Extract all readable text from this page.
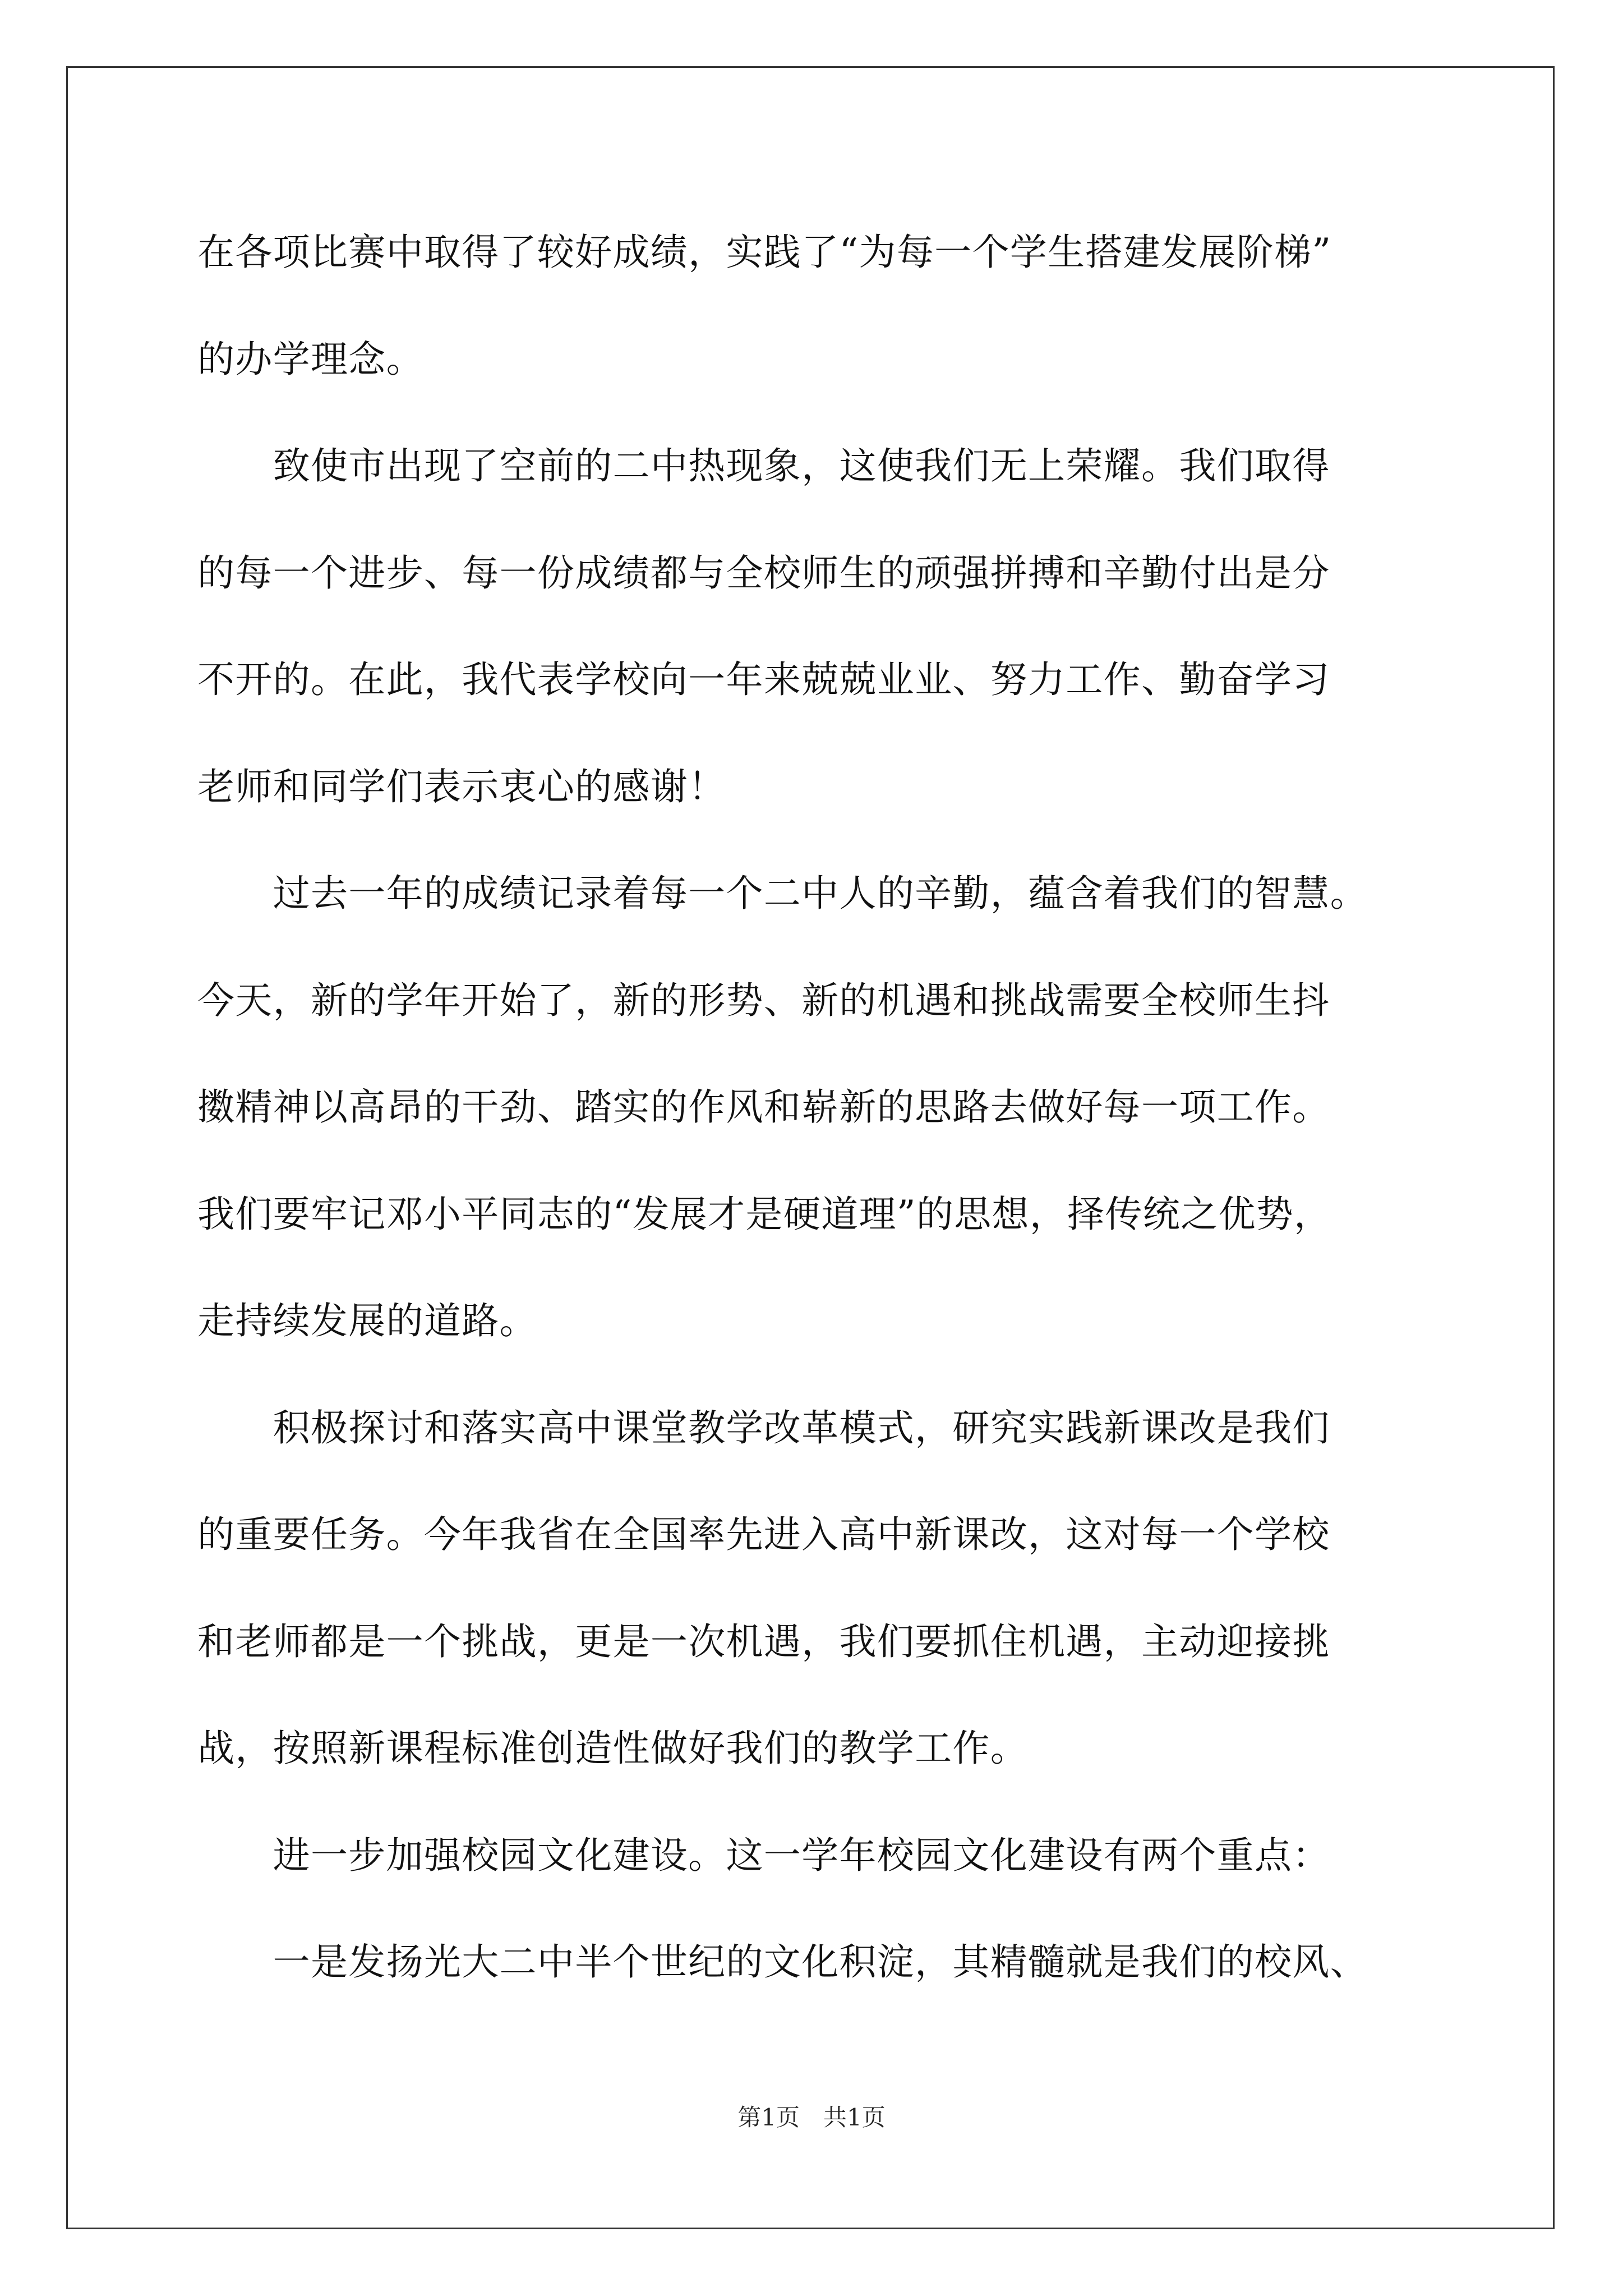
在各项比赛中取得了较好成绩，实践了“为每一个学生搭建发展阶梯”
的办学理念。
　　致使市出现了空前的二中热现象，这使我们无上荣耀。我们取得
的每一个进步、每一份成绩都与全校师生的顽强拼搏和辛勤付出是分
不开的。在此，我代表学校向一年来兢兢业业、努力工作、勤奋学习
老师和同学们表示衷心的感谢！
　　过去一年的成绩记录着每一个二中人的辛勤，蕴含着我们的智慧。
今天，新的学年开始了，新的形势、新的机遇和挑战需要全校师生抖
擞精神以高昂的干劲、踏实的作风和崭新的思路去做好每一项工作。
我们要牢记邓小平同志的“发展才是硬道理”的思想，择传统之优势，
走持续发展的道路。
　　积极探讨和落实高中课堂教学改革模式，研究实践新课改是我们
的重要任务。今年我省在全国率先进入高中新课改，这对每一个学校
和老师都是一个挑战，更是一次机遇，我们要抓住机遇，主动迎接挑
战，按照新课程标准创造性做好我们的教学工作。
　　进一步加强校园文化建设。这一学年校园文化建设有两个重点：
　　一是发扬光大二中半个世纪的文化积淀，其精髓就是我们的校风、
第1页　共1页
